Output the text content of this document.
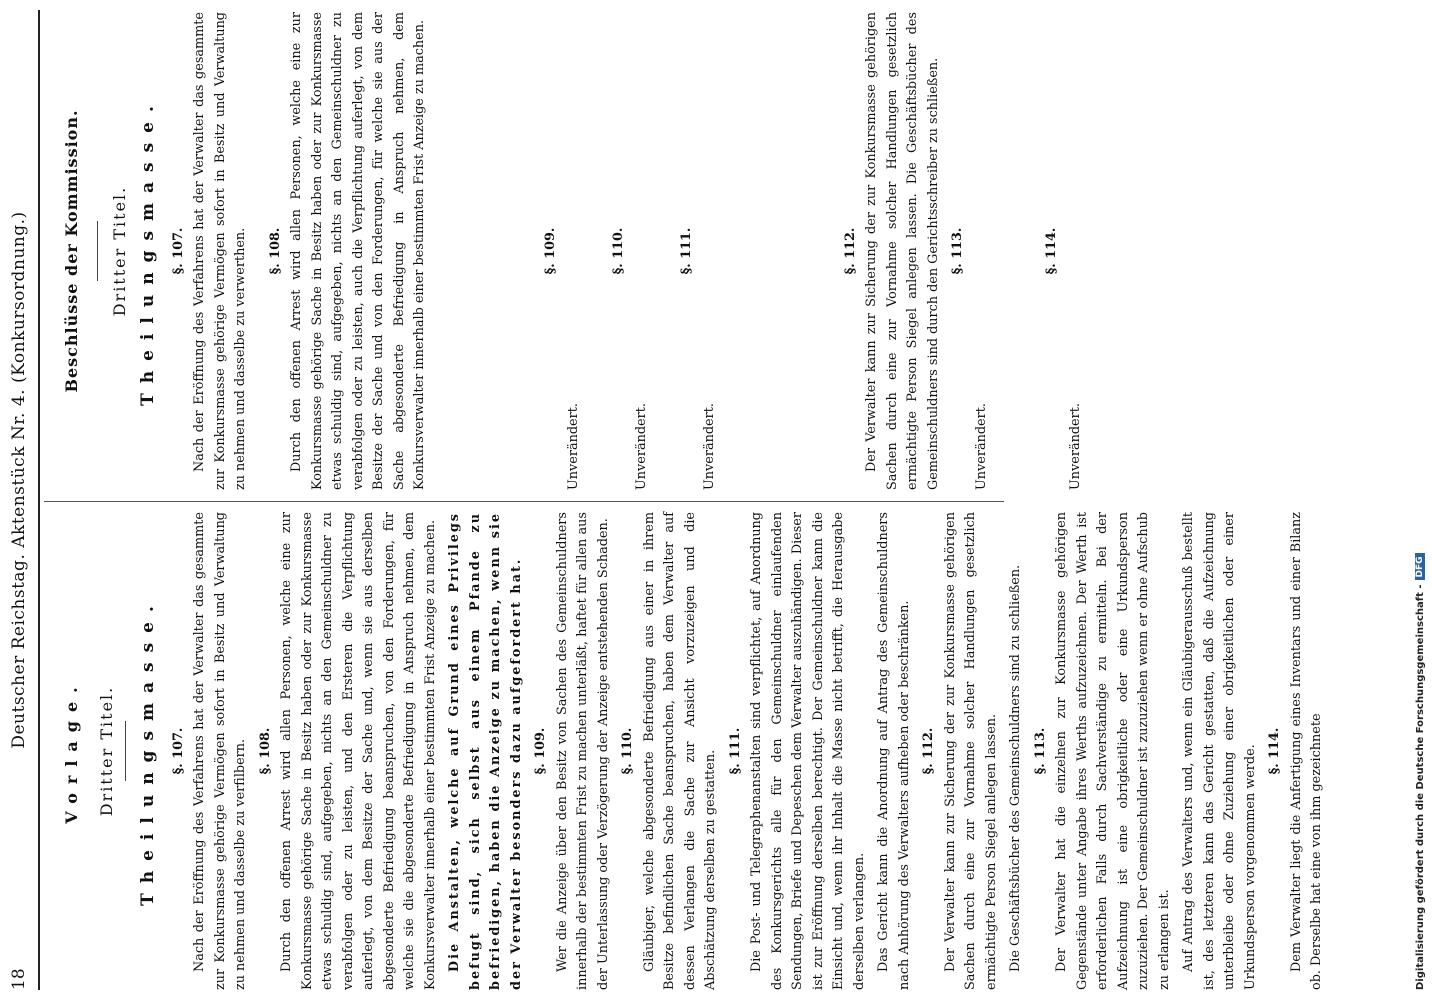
18
Deutscher Reichstag. Aktenstück Nr. 4. (Konkursordnung.)
Vorlage. Dritter Titel. Theilungsmasse. §. 107. Nach der Eröffnung des Verfahrens hat der Verwalter das gesammte zur Konkursmasse gehörige Vermögen sofort in Besitz und Verwaltung zu nehmen und dasselbe zu verfilbern. §. 108. Durch den offenen Arrest wird allen Personen, welche eine zur Konkursmasse gehörige Sache in Besitz haben oder zur Konkursmasse etwas schuldig sind, aufgegeben, nichts an den Gemeinschuldner zu verabfolgen oder zu leisten, und den Ersteren die Verpflichtung auferlegt, von dem Besitze der Sache und, wenn sie aus derselben abgesonderte Befriedigung beanspruchen, von den Forderungen, für welche sie die abgesonderte Befriedigung in Anspruch nehmen, dem Konkursverwalter innerhalb einer bestimmten Frist Anzeige zu machen. Die Anstalten, welche auf Grund eines Privilegs befugt sind, sich selbst aus einem Pfande zu befriedigen, haben die Anzeige zu machen, wenn sie der Verwalter besonders dazu aufgefordert hat. §. 109. Wer die Anzeige über den Besitz von Sachen des Gemeinschuldners innerhalb der bestimmten Frist zu machen unterläßt, haftet für allen aus der Unterlassung oder Verzögerung der Anzeige entstehenden Schaden. §. 110. Gläubiger, welche abgesonderte Befriedigung aus einer in ihrem Besitze befindlichen Sache beanspruchen, haben dem Verwalter auf dessen Verlangen die Sache zur Ansicht vorzuzeigen und die Abschätzung derselben zu gestatten. §. 111. Die Post- und Telegraphenanstalten sind verpflichtet, auf Anordnung des Konkursgerichts alle für den Gemeinschuldner einlaufenden Sendungen, Briefe und Depeschen dem Verwalter auszuhändigen. Dieser ist zur Eröffnung derselben berechtigt. Der Gemeinschuldner kann die Einsicht und, wenn ihr Inhalt die Masse nicht betrifft, die Herausgabe derselben verlangen. Das Gericht kann die Anordnung auf Antrag des Gemeinschuldners nach Anhörung des Verwalters aufheben oder beschränken. §. 112. Der Verwalter kann zur Sicherung der zur Konkursmasse gehörigen Sachen durch eine zur Vornahme solcher Handlungen gesetzlich ermächtigte Person Siegel anlegen lassen. Die Geschäftsbücher des Gemeinschuldners sind zu schließen. §. 113. Der Verwalter hat die einzelnen zur Konkursmasse gehörigen Gegenstände unter Angabe ihres Werths aufzuzeichnen. Der Werth ist erforderlichen Falls durch Sachverständige zu ermitteln. Bei der Aufzeichnung ist eine obrigkeitliche oder eine Urkundsperson zuzuziehen. Der Gemeinschuldner ist zuzuziehen wenn er ohne Aufschub zu erlangen ist. Auf Antrag des Verwalters und, wenn ein Gläubigerausschuß bestellt ist, des letzteren kann das Gericht gestatten, daß die Aufzeichnung unterbleibe oder ohne Zuziehung einer obrigkeitlichen oder einer Urkundsperson vorgenommen werde. §. 114. Dem Verwalter liegt die Anfertigung eines Inventars und einer Bilanz ob. Derselbe hat eine von ihm gezeichnete

Beschlüsse der Kommission. Dritter Titel. Theilungsmasse. §. 107. Nach der Eröffnung des Verfahrens hat der Verwalter das gesammte zur Konkursmasse gehörige Vermögen sofort in Besitz und Verwaltung zu nehmen und dasselbe zu verwerthen. §. 108. Durch den offenen Arrest wird allen Personen, welche eine zur Konkursmasse gehörige Sache in Besitz haben oder zur Konkursmasse etwas schuldig sind, aufgegeben, nichts an den Gemeinschuldner zu verabfolgen oder zu leisten, auch die Verpflichtung auferlegt, von dem Besitze der Sache und von den Forderungen, für welche sie aus der Sache abgesonderte Befriedigung in Anspruch nehmen, dem Konkursverwalter innerhalb einer bestimmten Frist Anzeige zu machen.	§. 109.

Unverändert.

§. 110.

Unverändert.

§. 111.

Unverändert.

§. 112. Der Verwalter kann zur Sicherung der zur Konkursmasse gehörigen Sachen durch eine zur Vornahme solcher Handlungen gesetzlich ermächtigte Person Siegel anlegen lassen. Die Geschäftsbücher des Gemeinschuldners sind durch den Gerichtsschreiber zu schließen. §. 113.

Unverändert.

§. 114.

Unverändert.

Digitalisierung gefördert durch die Deutsche Forschungsgemeinschaft -
DFG
